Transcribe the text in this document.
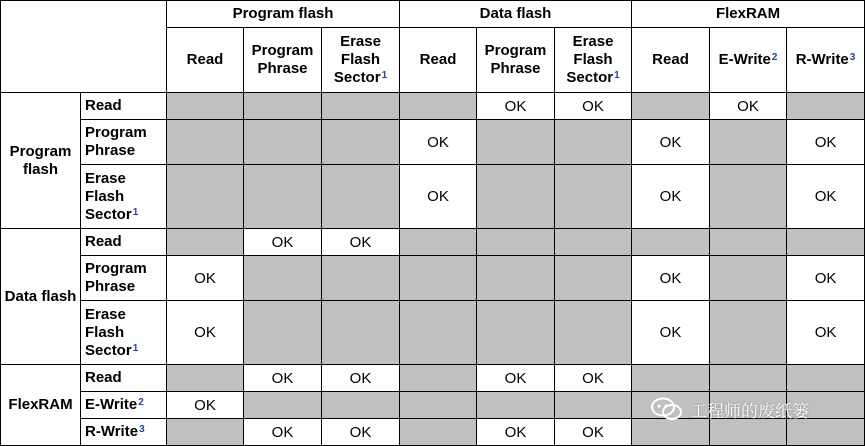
		Program flash			Data flash			FlexRAM		
		Read	Program Phrase	Erase Flash Sector$^1$	Read	Program Phrase	Erase Flash Sector$^1$	Read	E-Write$^2$	R-Write$^3$
Program flash	Read					OK	OK		OK	
	Program Phrase				OK			OK		OK
	Erase Flash Sector$^1$				OK			OK		OK
Data flash	Read		OK	OK						
	Program Phrase	OK						OK		OK
	Erase Flash Sector$^1$	OK						OK		OK
FlexRAM	Read		OK	OK		OK	OK			
	E-Write$^2$	OK								
	R-Write$^3$		OK	OK		OK	OK			
工程师的废纸篓
